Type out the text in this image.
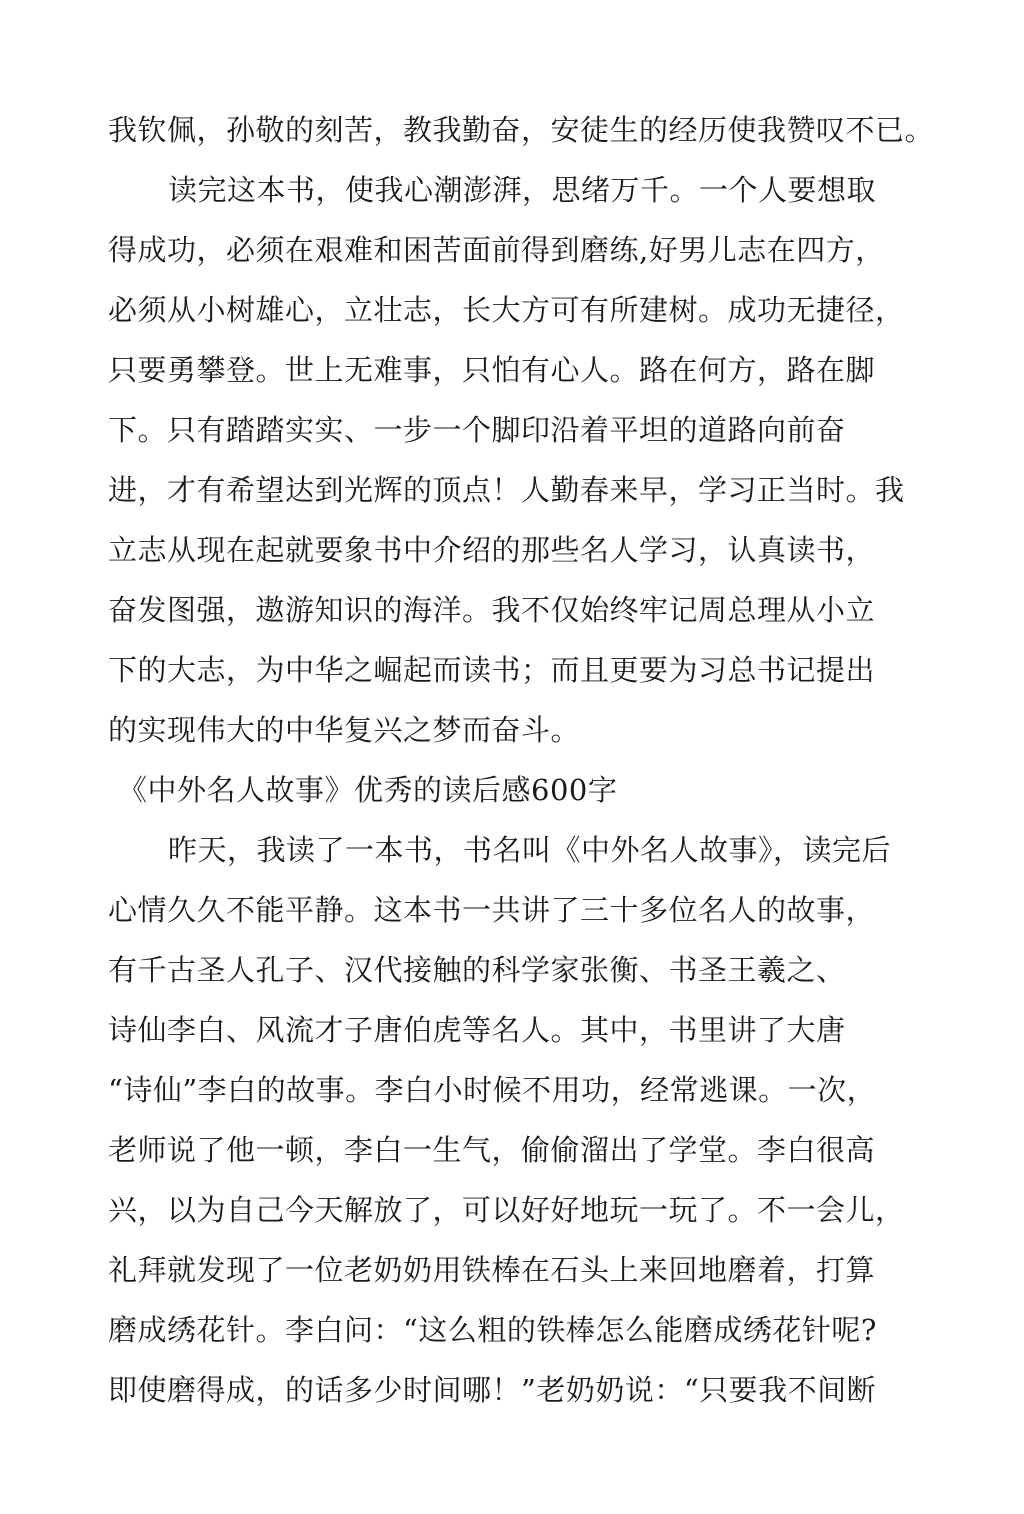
我钦佩，孙敬的刻苦，教我勤奋，安徒生的经历使我赞叹不已。
读完这本书，使我心潮澎湃，思绪万千。一个人要想取
得成功，必须在艰难和困苦面前得到磨练,好男儿志在四方，
必须从小树雄心，立壮志，长大方可有所建树。成功无捷径，
只要勇攀登。世上无难事，只怕有心人。路在何方，路在脚
下。只有踏踏实实、一步一个脚印沿着平坦的道路向前奋
进，才有希望达到光辉的顶点！人勤春来早，学习正当时。我
立志从现在起就要象书中介绍的那些名人学习，认真读书，
奋发图强，遨游知识的海洋。我不仅始终牢记周总理从小立
下的大志，为中华之崛起而读书；而且更要为习总书记提出
的实现伟大的中华复兴之梦而奋斗。
《中外名人故事》优秀的读后感600字
昨天，我读了一本书，书名叫《中外名人故事》，读完后
心情久久不能平静。这本书一共讲了三十多位名人的故事，
有千古圣人孔子、汉代接触的科学家张衡、书圣王羲之、
诗仙李白、风流才子唐伯虎等名人。其中，书里讲了大唐
“诗仙”李白的故事。李白小时候不用功，经常逃课。一次，
老师说了他一顿，李白一生气，偷偷溜出了学堂。李白很高
兴，以为自己今天解放了，可以好好地玩一玩了。不一会儿，
礼拜就发现了一位老奶奶用铁棒在石头上来回地磨着，打算
磨成绣花针。李白问：“这么粗的铁棒怎么能磨成绣花针呢?
即使磨得成，的话多少时间哪！”老奶奶说：“只要我不间断
